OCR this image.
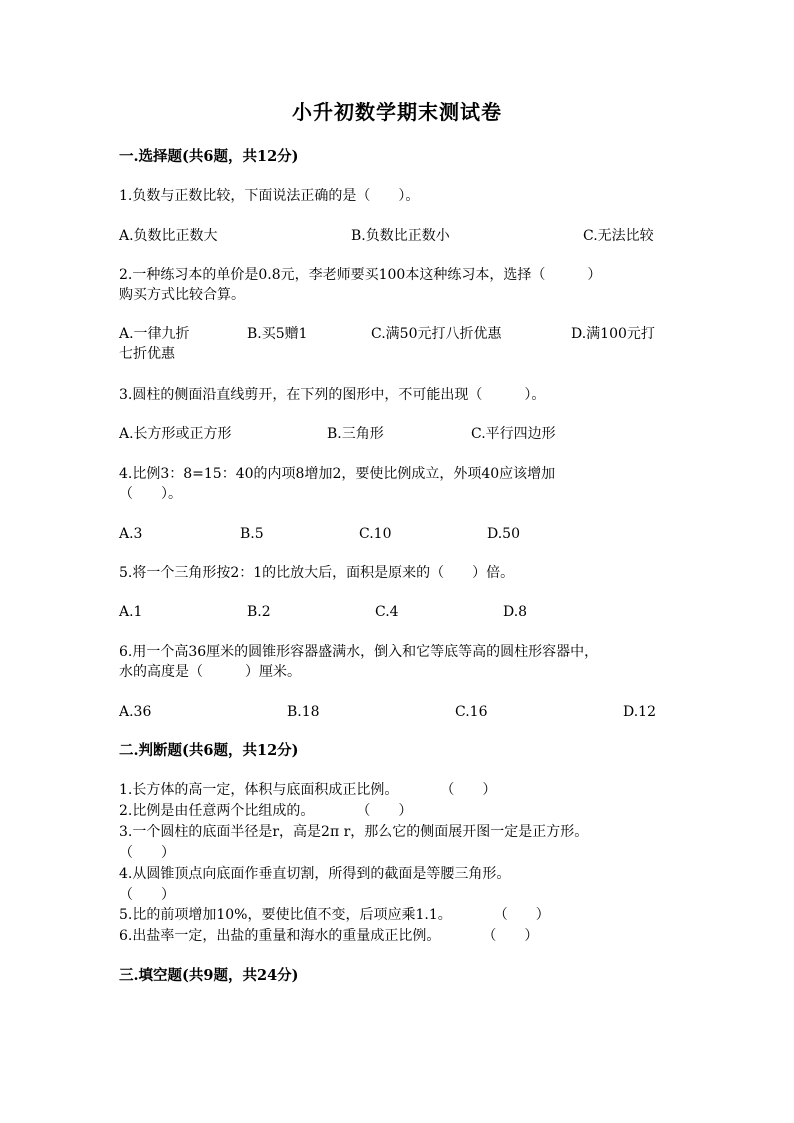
小升初数学期末测试卷
一.选择题(共6题，共12分)
1.负数与正数比较，下面说法正确的是（　　）。
A.负数比正数大	B.负数比正数小	C.无法比较
2.一种练习本的单价是0.8元，李老师要买100本这种练习本，选择（　　　）
购买方式比较合算。
A.一律九折	B.买5赠1	C.满50元打八折优惠	D.满100元打
七折优惠
3.圆柱的侧面沿直线剪开，在下列的图形中，不可能出现（　　　）。
A.长方形或正方形	B.三角形	C.平行四边形
4.比例3：8=15：40的内项8增加2，要使比例成立，外项40应该增加
（　　）。
A.3	B.5	C.10	D.50
5.将一个三角形按2：1的比放大后，面积是原来的（　　）倍。
A.1	B.2	C.4	D.8
6.用一个高36厘米的圆锥形容器盛满水，倒入和它等底等高的圆柱形容器中，
水的高度是（　　　）厘米。
A.36	B.18	C.16	D.12
二.判断题(共6题，共12分)
1.长方体的高一定，体积与底面积成正比例。　　　　（　　）
2.比例是由任意两个比组成的。　　　　（　　）
3.一个圆柱的底面半径是r，高是2π r，那么它的侧面展开图一定是正方形。
（　　）
4.从圆锥顶点向底面作垂直切割，所得到的截面是等腰三角形。
（　　）
5.比的前项增加10%，要使比值不变，后项应乘1.1。　　　　（　　）
6.出盐率一定，出盐的重量和海水的重量成正比例。　　　　（　　）
三.填空题(共9题，共24分)
